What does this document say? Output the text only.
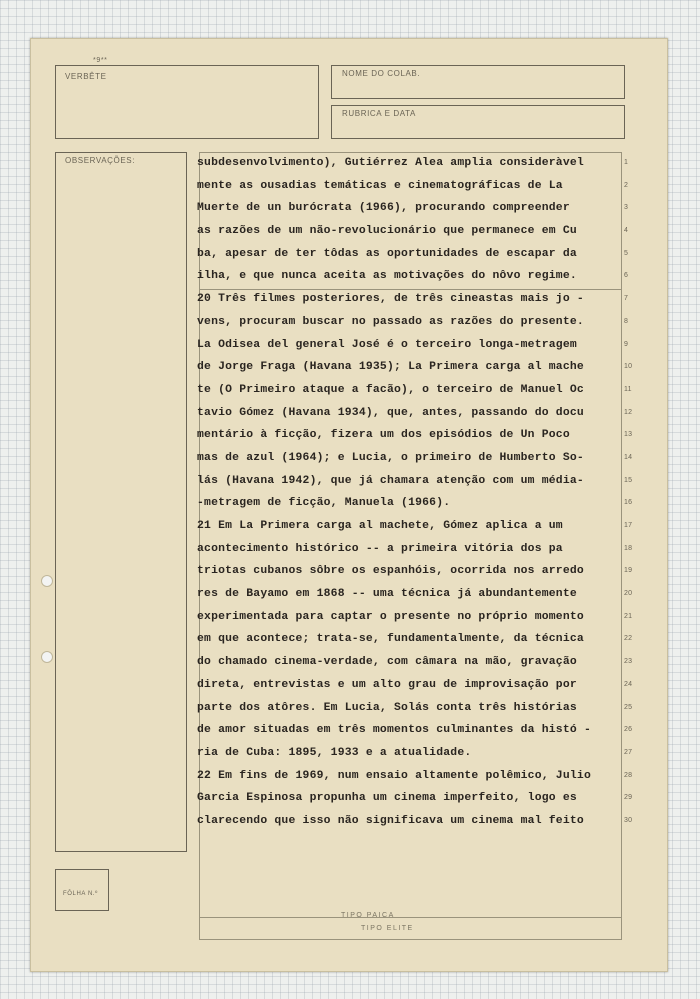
VERBÊTE
*9**
NOME DO COLAB.
RUBRICA E DATA
OBSERVAÇÕES:
FÔLHA N.º
TIPO PAICA
TIPO ELITE
subdesenvolvimento), Gutiérrez Alea amplia consideràvel	1
mente as ousadias temáticas e cinematográficas de La	2
Muerte de un burócrata (1966), procurando compreender	3
as razões de um não-revolucionário que permanece em Cu	4
ba, apesar de ter tôdas as oportunidades de escapar da	5
ilha, e que nunca aceita as motivações do nôvo regime.	6
20 Três filmes posteriores, de três cineastas mais jo -	7
vens, procuram buscar no passado as razões do presente.	8
La Odisea del general José é o terceiro longa-metragem	9
de Jorge Fraga (Havana 1935); La Primera carga al mache	10
te (O Primeiro ataque a facão), o terceiro de Manuel Oc	11
tavio Gómez (Havana 1934), que, antes, passando do docu	12
mentário à ficção, fizera um dos episódios de Un Poco	13
mas de azul (1964); e Lucia, o primeiro de Humberto So-	14
lás (Havana 1942), que já chamara atenção com um média-	15
-metragem de ficção, Manuela (1966).	16
21 Em La Primera carga al machete, Gómez aplica a um	17
acontecimento histórico -- a primeira vitória dos pa	18
triotas cubanos sôbre os espanhóis, ocorrida nos arredo	19
res de Bayamo em 1868 -- uma técnica já abundantemente	20
experimentada para captar o presente no próprio momento	21
em que acontece; trata-se, fundamentalmente, da técnica	22
do chamado cinema-verdade, com câmara na mão, gravação	23
direta, entrevistas e um alto grau de improvisação por	24
parte dos atôres. Em Lucia, Solás conta três histórias	25
de amor situadas em três momentos culminantes da histó -	26
ria de Cuba: 1895, 1933 e a atualidade.	27
22 Em fins de 1969, num ensaio altamente polêmico, Julio	28
Garcia Espinosa propunha um cinema imperfeito, logo es	29
clarecendo que isso não significava um cinema mal feito	30
